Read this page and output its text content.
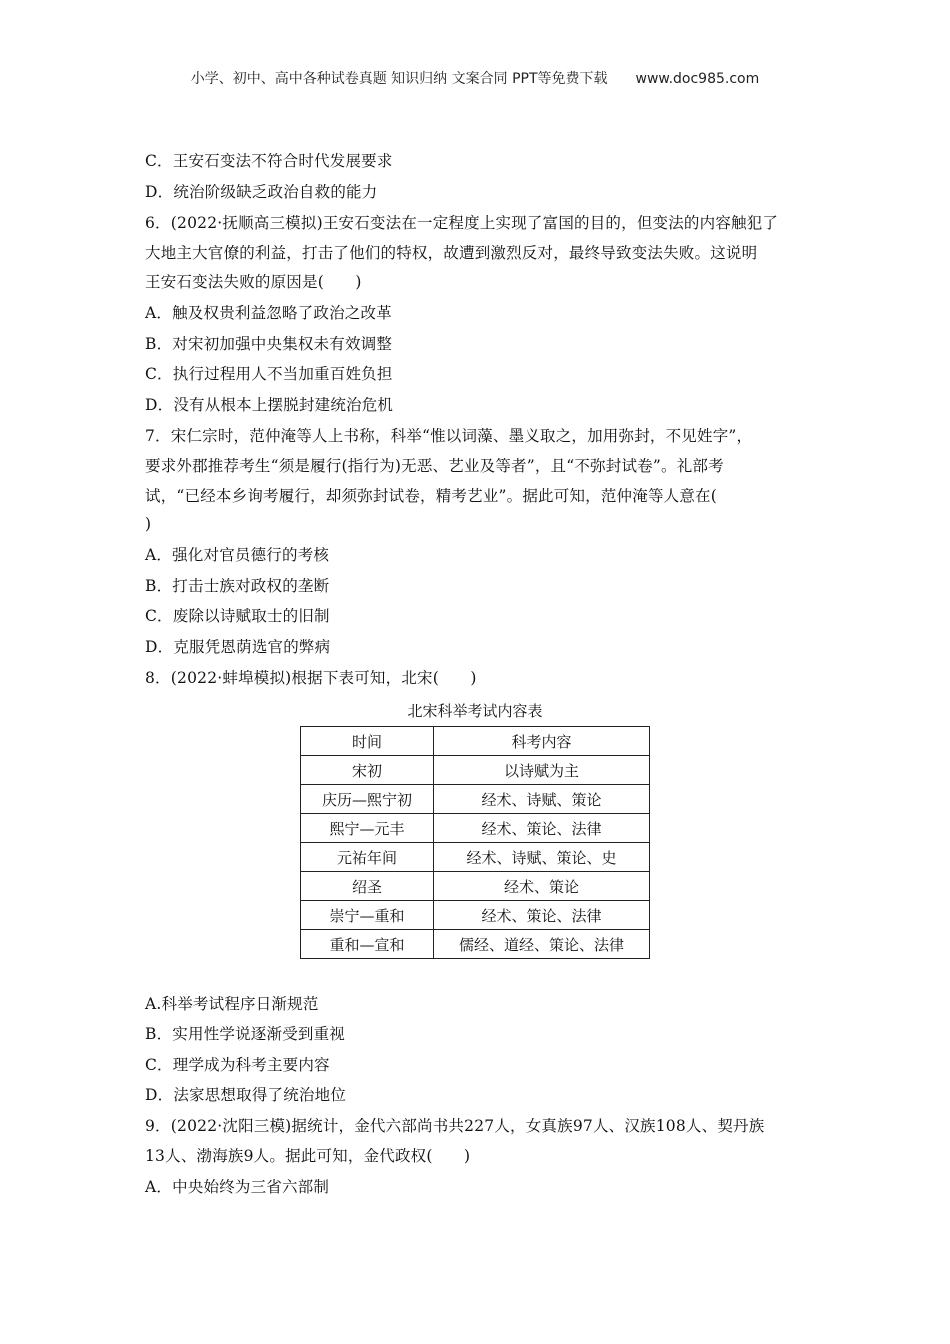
小学、初中、高中各种试卷真题 知识归纳 文案合同 PPT等免费下载 www.doc985.com
C．王安石变法不符合时代发展要求
D．统治阶级缺乏政治自救的能力
6．(2022·抚顺高三模拟)王安石变法在一定程度上实现了富国的目的，但变法的内容触犯了
大地主大官僚的利益，打击了他们的特权，故遭到激烈反对，最终导致变法失败。这说明
王安石变法失败的原因是(　　)
A．触及权贵利益忽略了政治之改革
B．对宋初加强中央集权未有效调整
C．执行过程用人不当加重百姓负担
D．没有从根本上摆脱封建统治危机
7．宋仁宗时，范仲淹等人上书称，科举“惟以词藻、墨义取之，加用弥封，不见姓字”，
要求外郡推荐考生“须是履行(指行为)无恶、艺业及等者”，且“不弥封试卷”。礼部考
试，“已经本乡询考履行，却须弥封试卷，精考艺业”。据此可知，范仲淹等人意在(
)
A．强化对官员德行的考核
B．打击士族对政权的垄断
C．废除以诗赋取士的旧制
D．克服凭恩荫选官的弊病
8．(2022·蚌埠模拟)根据下表可知，北宋(　　)
北宋科举考试内容表
时间	科考内容
宋初	以诗赋为主
庆历—熙宁初	经术、诗赋、策论
熙宁—元丰	经术、策论、法律
元祐年间	经术、诗赋、策论、史
绍圣	经术、策论
崇宁—重和	经术、策论、法律
重和—宣和	儒经、道经、策论、法律
A.科举考试程序日渐规范
B．实用性学说逐渐受到重视
C．理学成为科考主要内容
D．法家思想取得了统治地位
9．(2022·沈阳三模)据统计，金代六部尚书共227人，女真族97人、汉族108人、契丹族
13人、渤海族9人。据此可知，金代政权(　　)
A．中央始终为三省六部制
